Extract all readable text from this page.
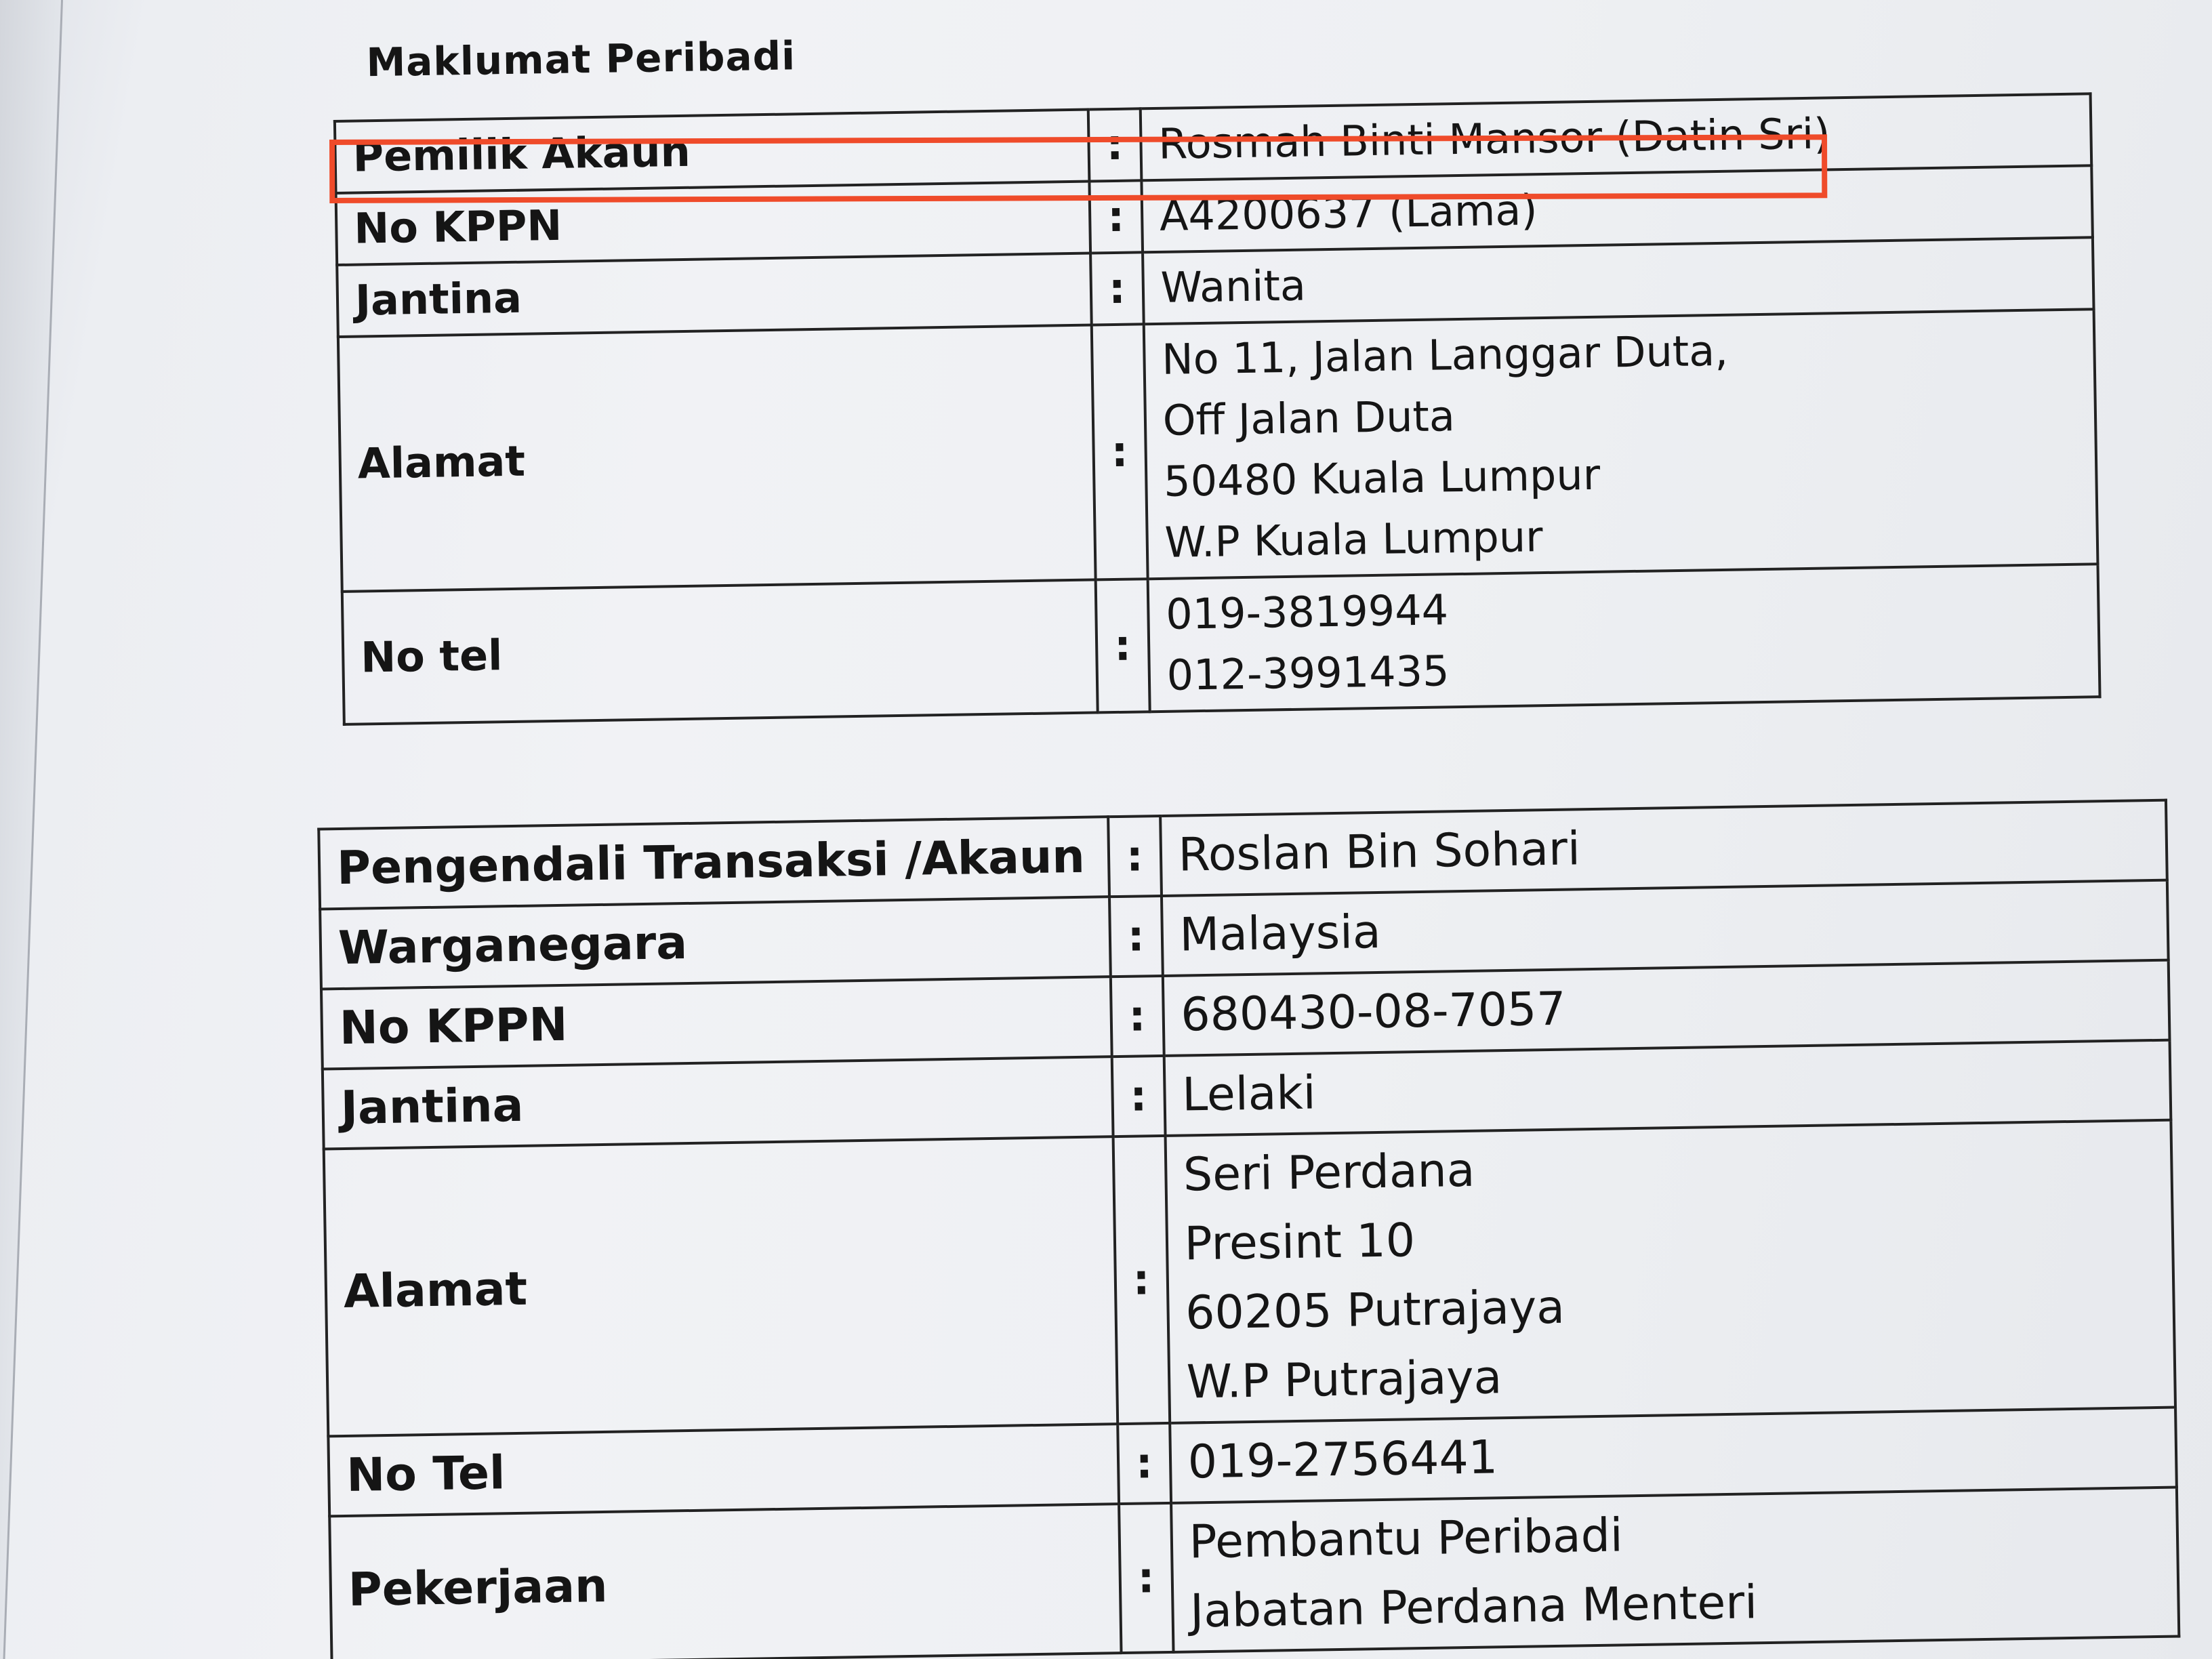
Maklumat Peribadi
Pemilik Akaun	:	Rosmah Binti Mansor (Datin Sri)

No KPPN	:	A4200637 (Lama)

Jantina	:	Wanita

Alamat	:	No 11, Jalan Langgar Duta,
Off Jalan Duta
50480 Kuala Lumpur
W.P Kuala Lumpur

No tel	:	019-3819944
012-3991435
Pengendali Transaksi /Akaun	:	Roslan Bin Sohari

Warganegara	:	Malaysia

No KPPN	:	680430-08-7057

Jantina	:	Lelaki

Alamat	:	Seri Perdana
Presint 10
60205 Putrajaya
W.P Putrajaya

No Tel	:	019-2756441

Pekerjaan	:	Pembantu Peribadi
Jabatan Perdana Menteri
